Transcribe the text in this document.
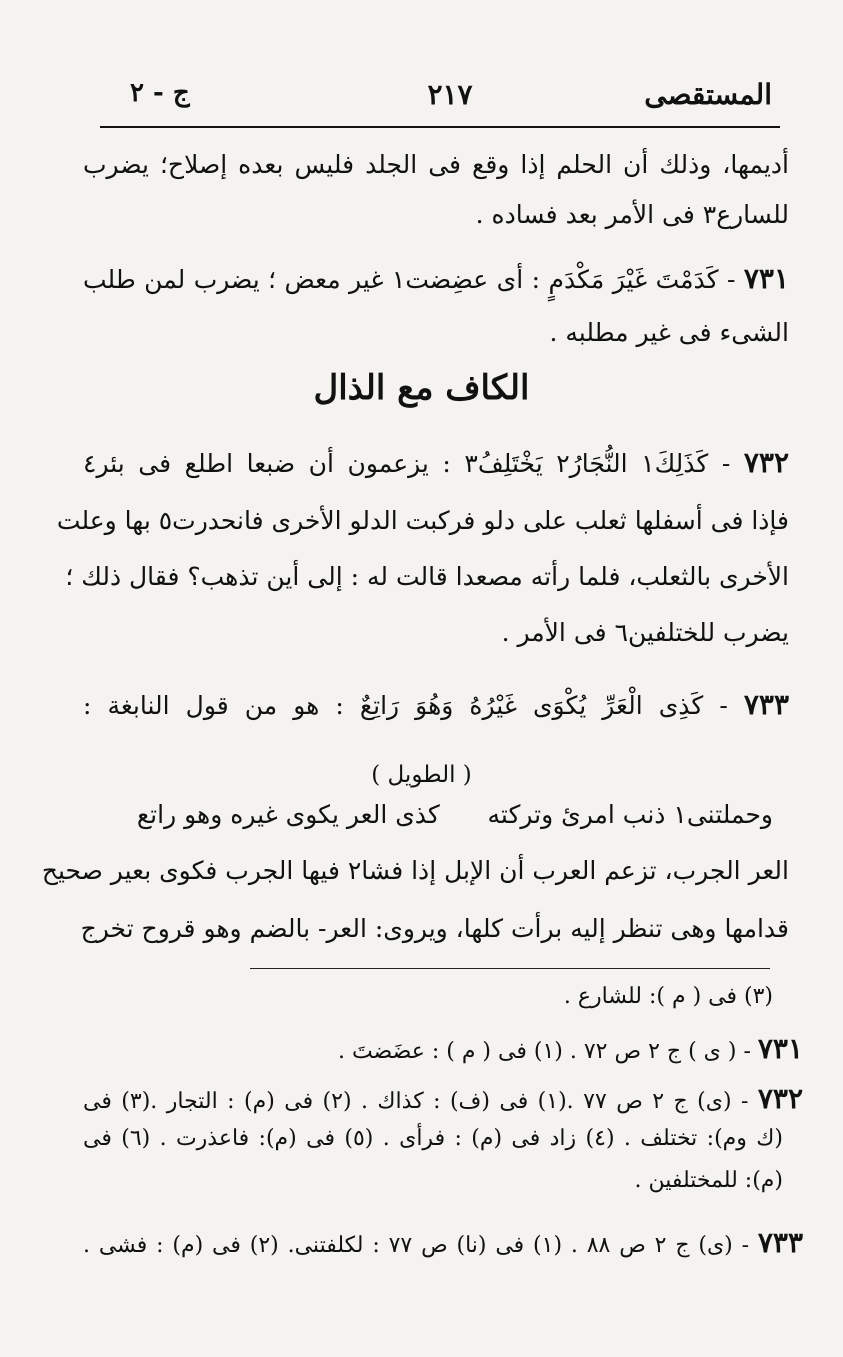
ج - ٢	٢١٧	المستقصى
أديمها، وذلك أن الحلم إذا وقع فى الجلد فليس بعده إصلاح؛ يضرب
للسارع٣ فى الأمر بعد فساده .
٧٣١ - كَدَمْتَ غَيْرَ مَكْدَمٍ : أى عضِضت١ غير معض ؛ يضرب لمن طلب
الشىء فى غير مطلبه .
الكاف مع الذال
٧٣٢ - كَذَلِكَ١ النُّجَارُ٢ يَخْتَلِفُ٣ : يزعمون أن ضبعا اطلع فى بئر٤
فإذا فى أسفلها ثعلب على دلو فركبت الدلو الأخرى فانحدرت٥ بها وعلت
الأخرى بالثعلب، فلما رأته مصعدا قالت له : إلى أين تذهب؟ فقال ذلك ؛
يضرب للختلفين٦ فى الأمر .
٧٣٣ - كَذِى الْعَرِّ يُكْوَى غَيْرُهُ وَهُوَ رَاتِعٌ : هو من قول النابغة :
( الطويل )
وحملتنى١ ذنب امرئ وتركته      كذى العر يكوى غيره وهو راتع
العر الجرب، تزعم العرب أن الإبل إذا فشا٢ فيها الجرب فكوى بعير صحيح
قدامها وهى تنظر إليه برأت كلها، ويروى: العر- بالضم وهو قروح تخرج
(٣) فى ( م ): للشارع .
٧٣١ - ( ى ) ج ٢ ص ٧٢ . (١) فى ( م ) : عضَضتَ .
٧٣٢ - (ى) ج ٢ ص ٧٧ .(١) فى (ف) : كذاك . (٢) فى (م) : التجار .(٣) فى
(ك وم): تختلف . (٤) زاد فى (م) : فرأى . (٥) فى (م): فاعذرت . (٦) فى
(م): للمختلفين .
٧٣٣ - (ى) ج ٢ ص ٨٨ . (١) فى (نا) ص ٧٧ : لكلفتنى. (٢) فى (م) : فشى .
